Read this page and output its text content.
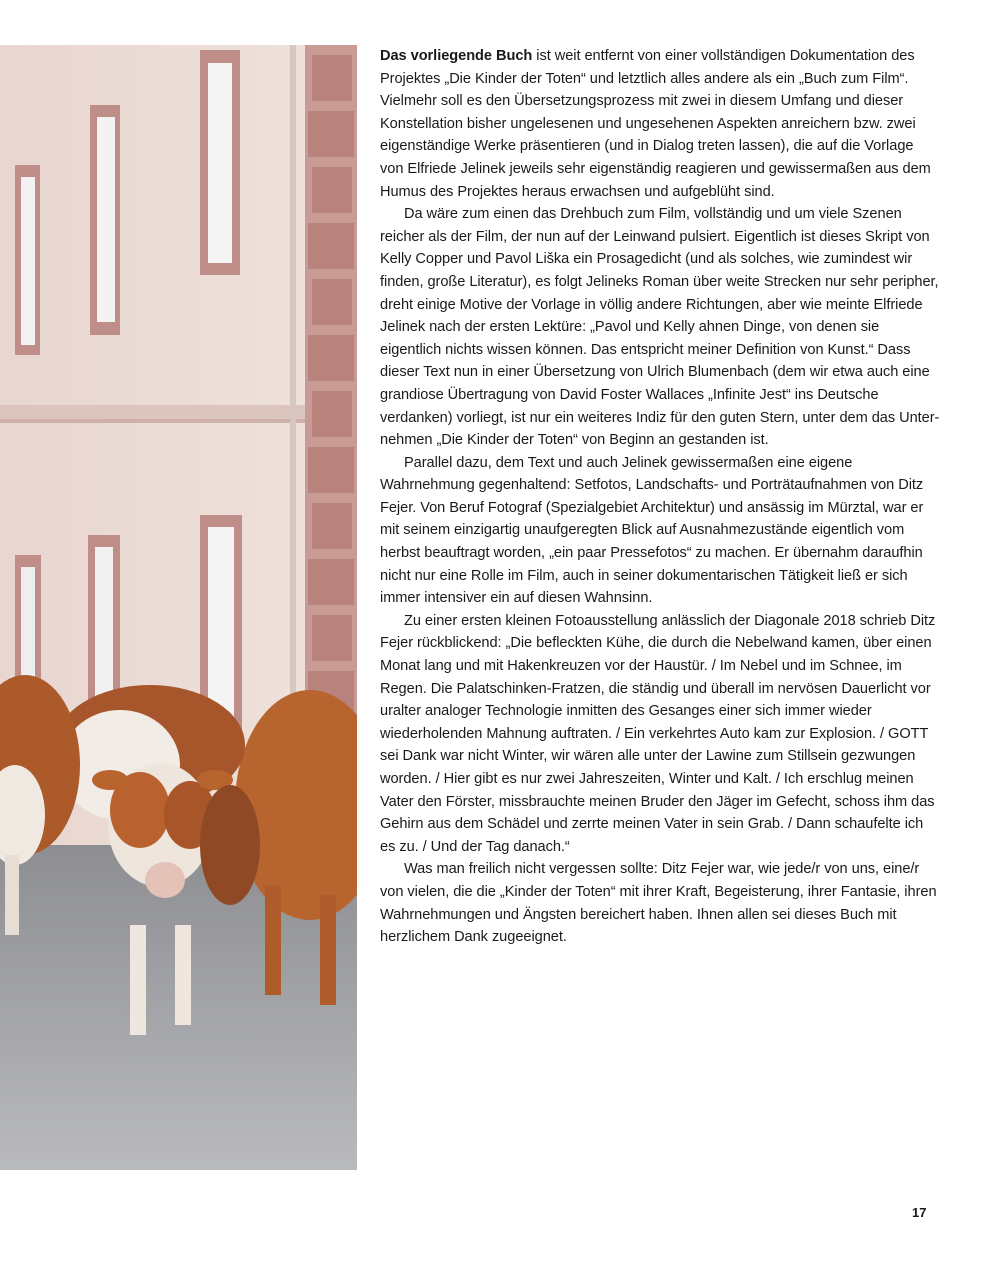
Das vorliegende Buch ist weit entfernt von einer vollständigen Dokumentation des Projektes „Die Kinder der Toten“ und letztlich alles andere als ein „Buch zum Film“. Vielmehr soll es den Übersetzungsprozess mit zwei in diesem Umfang und dieser Konstellation bisher ungelesenen und ungesehenen Aspekten anreichern bzw. zwei eigenständige Werke präsentieren (und in Dialog treten lassen), die auf die Vorlage von Elfriede Jelinek jeweils sehr eigenständig reagieren und gewissermaßen aus dem Humus des Projektes heraus erwachsen und aufgeblüht sind.

Da wäre zum einen das Drehbuch zum Film, vollständig und um viele Szenen reicher als der Film, der nun auf der Leinwand pulsiert. Eigentlich ist dieses Skript von Kelly Copper und Pavol Liška ein Prosagedicht (und als solches, wie zumindest wir finden, große Literatur), es folgt Jelineks Roman über weite Strecken nur sehr peripher, dreht einige Motive der Vorlage in völlig andere Richtungen, aber wie meinte Elfriede Jelinek nach der ersten Lektüre: „Pavol und Kelly ahnen Dinge, von denen sie eigentlich nichts wissen können. Das entspricht meiner Definition von Kunst.“ Dass dieser Text nun in einer Übersetzung von Ulrich Blumenbach (dem wir etwa auch eine grandiose Übertragung von David Foster Wallaces „Infinite Jest“ ins Deutsche verdanken) vorliegt, ist nur ein weiteres Indiz für den guten Stern, unter dem das Unternehmen „Die Kinder der Toten“ von Beginn an gestanden ist.

Parallel dazu, dem Text und auch Jelinek gewissermaßen eine eigene Wahrnehmung gegenhaltend: Setfotos, Landschafts- und Porträtaufnahmen von Ditz Fejer. Von Beruf Fotograf (Spezialgebiet Architektur) und ansässig im Mürztal, war er mit seinem einzigartig unaufgeregten Blick auf Ausnahmezustände eigentlich vom herbst beauftragt worden, „ein paar Pressefotos“ zu machen. Er übernahm daraufhin nicht nur eine Rolle im Film, auch in seiner dokumentarischen Tätigkeit ließ er sich immer intensiver ein auf diesen Wahnsinn.

Zu einer ersten kleinen Fotoausstellung anlässlich der Diagonale 2018 schrieb Ditz Fejer rückblickend: „Die befleckten Kühe, die durch die Nebelwand kamen, über einen Monat lang und mit Hakenkreuzen vor der Haustür. / Im Nebel und im Schnee, im Regen. Die Palatschinken-Fratzen, die ständig und überall im nervösen Dauerlicht vor uralter analoger Technologie inmitten des Gesanges einer sich immer wieder wiederholenden Mahnung auftraten. / Ein verkehrtes Auto kam zur Explosion. / GOTT sei Dank war nicht Winter, wir wären alle unter der Lawine zum Stillsein gezwungen worden. / Hier gibt es nur zwei Jahreszeiten, Winter und Kalt. / Ich erschlug meinen Vater den Förster, missbrauchte meinen Bruder den Jäger im Gefecht, schoss ihm das Gehirn aus dem Schädel und zerrte meinen Vater in sein Grab. / Dann schaufelte ich es zu. / Und der Tag danach.“

Was man freilich nicht vergessen sollte: Ditz Fejer war, wie jede/r von uns, eine/r von vielen, die die „Kinder der Toten“ mit ihrer Kraft, Begeisterung, ihrer Fantasie, ihren Wahrnehmungen und Ängsten bereichert haben. Ihnen allen sei dieses Buch mit herzlichem Dank zugeeignet.

17
